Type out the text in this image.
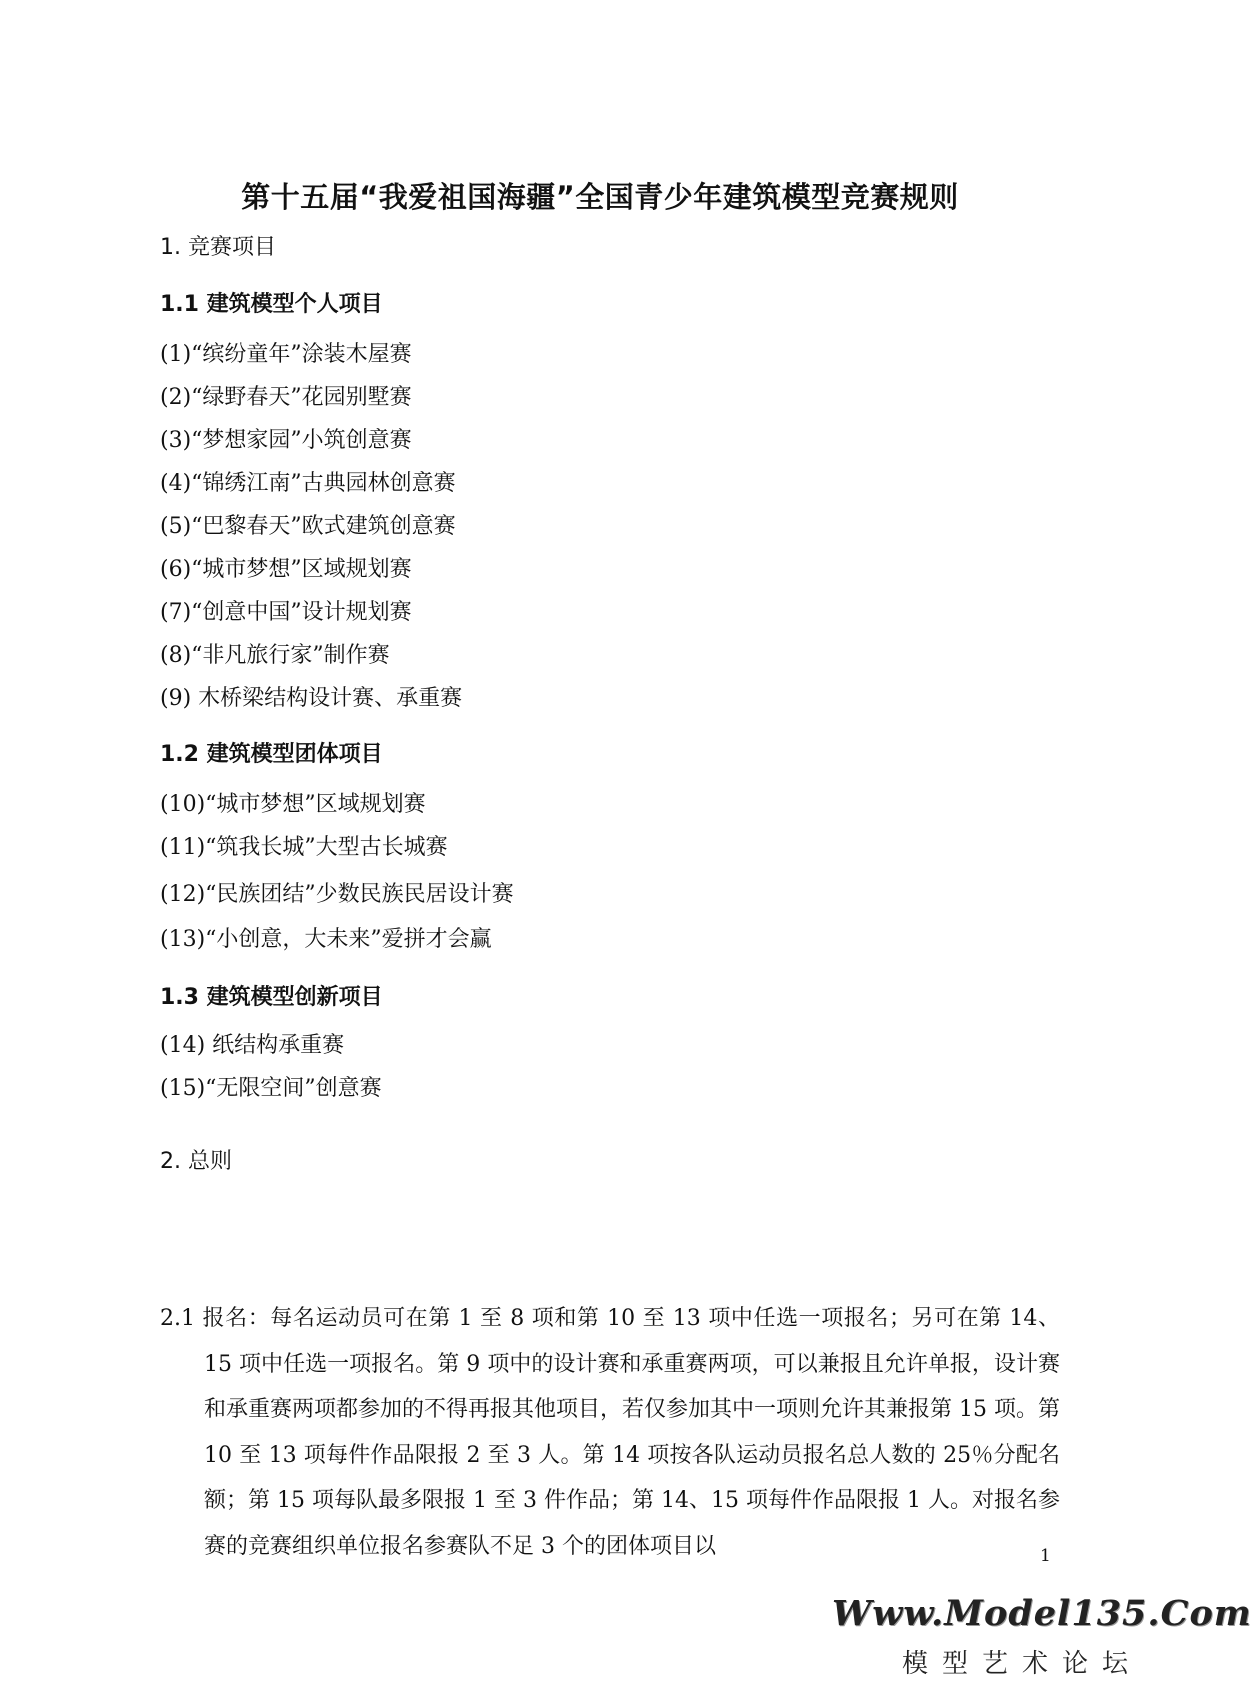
第十五届“我爱祖国海疆”全国青少年建筑模型竞赛规则

1. 竞赛项目

1.1 建筑模型个人项目

(1)“缤纷童年”涂装木屋赛

(2)“绿野春天”花园别墅赛

(3)“梦想家园”小筑创意赛

(4)“锦绣江南”古典园林创意赛

(5)“巴黎春天”欧式建筑创意赛

(6)“城市梦想”区域规划赛

(7)“创意中国”设计规划赛

(8)“非凡旅行家”制作赛

(9) 木桥梁结构设计赛、承重赛

1.2 建筑模型团体项目

(10)“城市梦想”区域规划赛

(11)“筑我长城”大型古长城赛

(12)“民族团结”少数民族民居设计赛

(13)“小创意，大未来”爱拼才会赢

1.3 建筑模型创新项目

(14) 纸结构承重赛

(15)“无限空间”创意赛

2. 总则

2.1 报名：每名运动员可在第 1 至 8 项和第 10 至 13 项中任选一项报名；另可在第 14、15 项中任选一项报名。第 9 项中的设计赛和承重赛两项，可以兼报且允许单报，设计赛和承重赛两项都参加的不得再报其他项目，若仅参加其中一项则允许其兼报第 15 项。第 10 至 13 项每件作品限报 2 至 3 人。第 14 项按各队运动员报名总人数的 25％分配名额；第 15 项每队最多限报 1 至 3 件作品；第 14、15 项每件作品限报 1 人。对报名参赛的竞赛组织单位报名参赛队不足 3 个的团体项目以	1
Www.Model135.Com
模型艺术论坛
